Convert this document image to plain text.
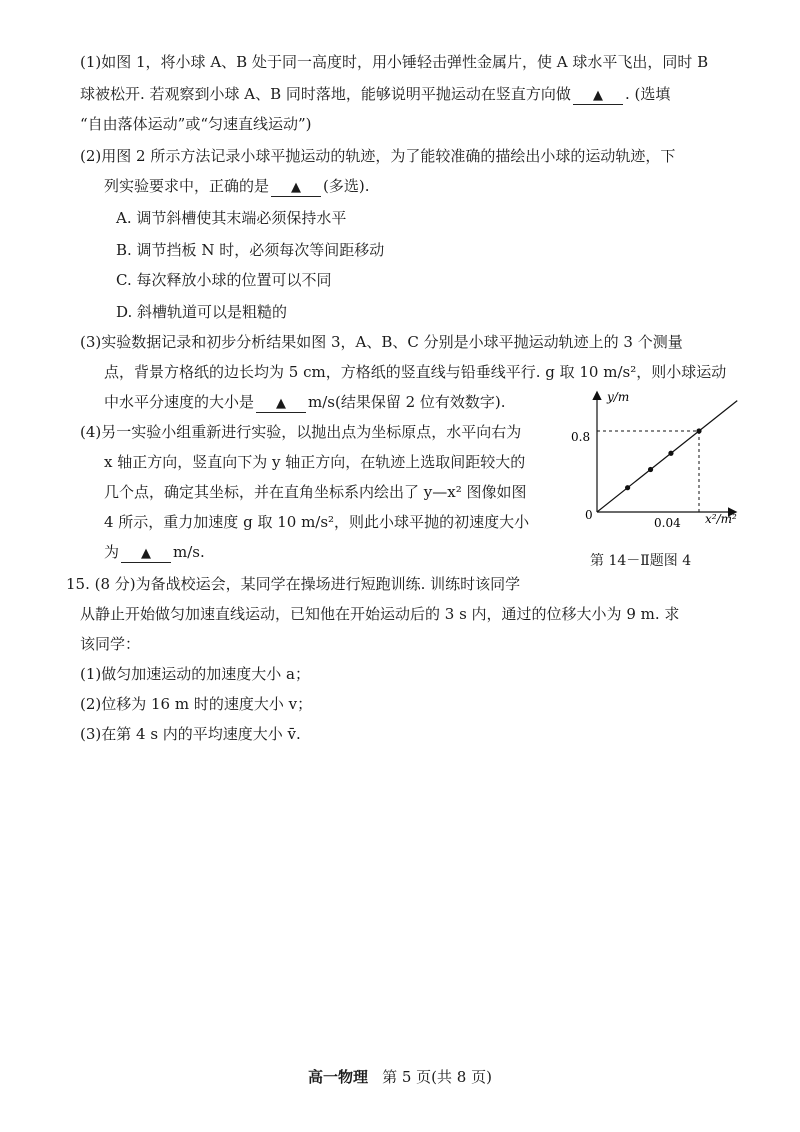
(1)如图 1，将小球 A、B 处于同一高度时，用小锤轻击弹性金属片，使 A 球水平飞出，同时 B
球被松开. 若观察到小球 A、B 同时落地，能够说明平抛运动在竖直方向做 ▲ . (选填
“自由落体运动”或“匀速直线运动”)
(2)用图 2 所示方法记录小球平抛运动的轨迹，为了能较准确的描绘出小球的运动轨迹，下
列实验要求中，正确的是 ▲ (多选).
A. 调节斜槽使其末端必须保持水平
B. 调节挡板 N 时，必须每次等间距移动
C. 每次释放小球的位置可以不同
D. 斜槽轨道可以是粗糙的
(3)实验数据记录和初步分析结果如图 3，A、B、C 分别是小球平抛运动轨迹上的 3 个测量
点，背景方格纸的边长均为 5 cm，方格纸的竖直线与铅垂线平行. g 取 10 m/s²，则小球运动
中水平分速度的大小是 ▲ m/s(结果保留 2 位有效数字).
(4)另一实验小组重新进行实验，以抛出点为坐标原点，水平向右为
x 轴正方向，竖直向下为 y 轴正方向，在轨迹上选取间距较大的
几个点，确定其坐标，并在直角坐标系内绘出了 y—x² 图像如图
4 所示，重力加速度 g 取 10 m/s²，则此小球平抛的初速度大小
为 ▲ m/s.
y/m
x²/m²
0
0.8
0.04
第 14－Ⅱ题图 4
15. (8 分)为备战校运会，某同学在操场进行短跑训练. 训练时该同学
从静止开始做匀加速直线运动，已知他在开始运动后的 3 s 内，通过的位移大小为 9 m. 求
该同学：
(1)做匀加速运动的加速度大小 a；
(2)位移为 16 m 时的速度大小 v；
(3)在第 4 s 内的平均速度大小 v̄.
高一物理 第 5 页(共 8 页)
